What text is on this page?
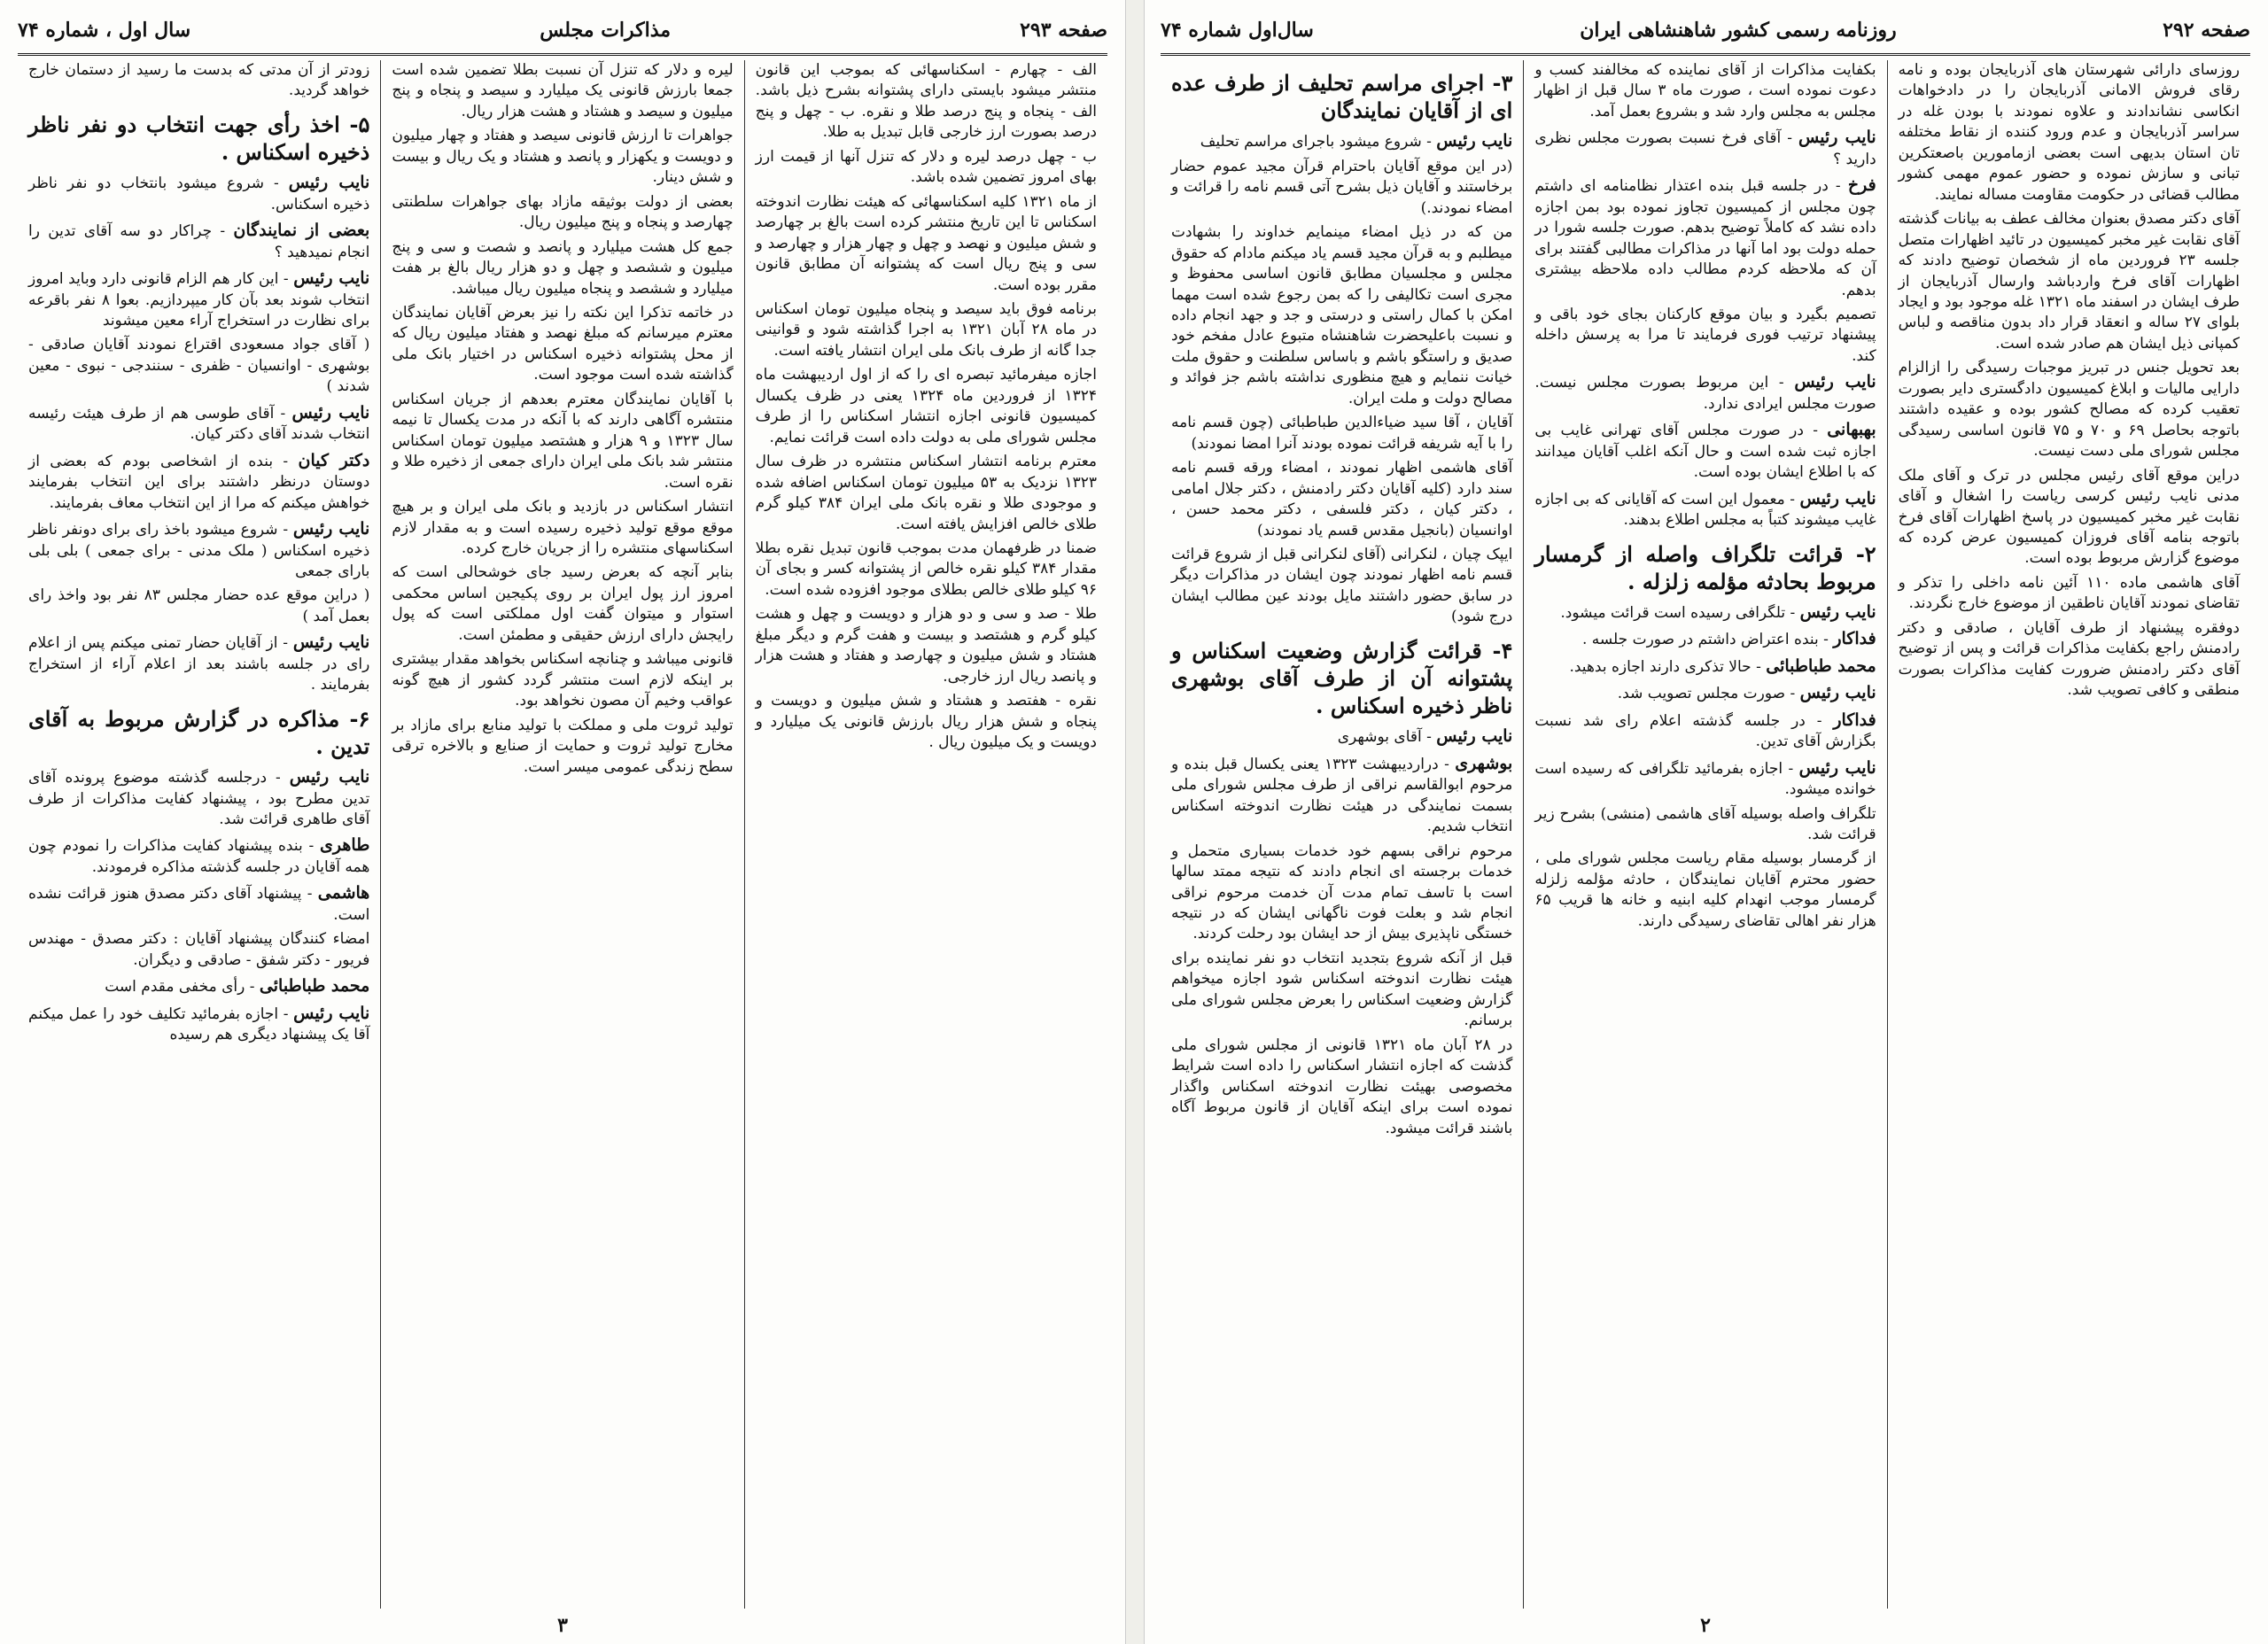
صفحه ۲۹۳
مذاکرات مجلس
سال اول ، شماره ۷۴

الف - چهارم - اسکناسهائی که بموجب این قانون منتشر میشود بایستی دارای پشتوانه بشرح ذیل باشد. الف - پنجاه و پنج درصد طلا و نقره. ب - چهل و پنج درصد بصورت ارز خارجی قابل تبدیل به طلا.

ب - چهل درصد لیره و دلار که تنزل آنها از قیمت ارز بهای امروز تضمین شده باشد.

از ماه ۱۳۲۱ کلیه اسکناسهائی که هیئت نظارت اندوخته اسکناس تا این تاریخ منتشر کرده است بالغ بر چهارصد و شش میلیون و نهصد و چهل و چهار هزار و چهارصد و سی و پنج ریال است که پشتوانه آن مطابق قانون مقرر بوده است.

برنامه فوق باید سیصد و پنجاه میلیون تومان اسکناس در ماه ۲۸ آبان ۱۳۲۱ به اجرا گذاشته شود و قوانینی جدا گانه از طرف بانک ملی ایران انتشار یافته است.

اجازه میفرمائید تبصره ای را که از اول اردیبهشت ماه ۱۳۲۴ از فروردین ماه ۱۳۲۴ یعنی در ظرف یکسال کمیسیون قانونی اجازه انتشار اسکناس را از طرف مجلس شورای ملی به دولت داده است قرائت نمایم.

معترم برنامه انتشار اسکناس منتشره در ظرف سال ۱۳۲۳ نزدیک به ۵۳ میلیون تومان اسکناس اضافه شده و موجودی طلا و نقره بانک ملی ایران ۳۸۴ کیلو گرم طلای خالص افزایش یافته است.

ضمنا در ظرفهمان مدت بموجب قانون تبدیل نقره بطلا مقدار ۳۸۴ کیلو نقره خالص از پشتوانه کسر و بجای آن ۹۶ کیلو طلای خالص بطلای موجود افزوده شده است.

طلا - صد و سی و دو هزار و دویست و چهل و هشت کیلو گرم و هشتصد و بیست و هفت گرم و دیگر مبلغ هشتاد و شش میلیون و چهارصد و هفتاد و هشت هزار و پانصد ریال ارز خارجی.

نقره - هفتصد و هشتاد و شش میلیون و دویست و پنجاه و شش هزار ریال بارزش قانونی یک میلیارد و دویست و یک میلیون ریال .

لیره و دلار که تنزل آن نسبت بطلا تضمین شده است جمعا بارزش قانونی یک میلیارد و سیصد و پنجاه و پنج میلیون و سیصد و هشتاد و هشت هزار ریال.

جواهرات تا ارزش قانونی سیصد و هفتاد و چهار میلیون و دویست و یکهزار و پانصد و هشتاد و یک ریال و بیست و شش دینار.

بعضی از دولت بوثیقه مازاد بهای جواهرات سلطنتی چهارصد و پنجاه و پنج میلیون ریال.

جمع کل هشت میلیارد و پانصد و شصت و سی و پنج میلیون و ششصد و چهل و دو هزار ریال بالغ بر هفت میلیارد و ششصد و پنجاه میلیون ریال میباشد.

در خاتمه تذکرا این نکته را نیز بعرض آقایان نمایندگان معترم میرسانم که مبلغ نهصد و هفتاد میلیون ریال که از محل پشتوانه ذخیره اسکناس در اختیار بانک ملی گذاشته شده است موجود است.

با آقایان نمایندگان معترم بعدهم از جریان اسکناس منتشره آگاهی دارند که با آنکه در مدت یکسال تا نیمه سال ۱۳۲۳ و ۹ هزار و هشتصد میلیون تومان اسکناس منتشر شد بانک ملی ایران دارای جمعی از ذخیره طلا و نقره است.

انتشار اسکناس در بازدید و بانک ملی ایران و بر هیچ موقع موقع تولید ذخیره رسیده است و به مقدار لازم اسکناسهای منتشره را از جریان خارج کرده.

بنابر آنچه که بعرض رسید جای خوشحالی است که امروز ارز پول ایران بر روی پکیجین اساس محکمی استوار و میتوان گفت اول مملکتی است که پول رایجش دارای ارزش حقیقی و مطمئن است.

قانونی میباشد و چنانچه اسکناس بخواهد مقدار بیشتری بر اینکه لازم است منتشر گردد کشور از هیچ گونه عواقب وخیم آن مصون نخواهد بود.

تولید ثروت ملی و مملکت با تولید منابع برای مازاد بر مخارج تولید ثروت و حمایت از صنایع و بالاخره ترقی سطح زندگی عمومی میسر است.

زودتر از آن مدتی که بدست ما رسید از دستمان خارج خواهد گردید.

۵- اخذ رأی جهت انتخاب دو نفر ناظر ذخیره اسکناس .

نایب رئیس - شروع میشود بانتخاب دو نفر ناظر ذخیره اسکناس.

بعضی از نمایندگان - چراکار دو سه آقای تدین را انجام نمیدهید ؟

نایب رئیس - این کار هم الزام قانونی دارد وباید امروز انتخاب شوند بعد بآن کار میپردازیم. بعوا ۸ نفر باقرعه برای نظارت در استخراج آراء معین میشوند

( آقای جواد مسعودی اقتراع نمودند آقایان صادقی - بوشهری - اوانسیان - ظفری - سنندجی - نبوی - معین شدند )

نایب رئیس - آقای طوسی هم از طرف هیئت رئیسه انتخاب شدند آقای دکتر کیان.

دکتر کیان - بنده از اشخاصی بودم که بعضی از دوستان درنظر داشتند برای این انتخاب بفرمایند خواهش میکنم که مرا از این انتخاب معاف بفرمایند.

نایب رئیس - شروع میشود باخذ رای برای دونفر ناظر ذخیره اسکناس ( ملک مدنی - برای جمعی ) بلی بلی بارای جمعی

( دراین موقع عده حضار مجلس ۸۳ نفر بود واخذ رای بعمل آمد )

نایب رئیس - از آقایان حضار تمنی میکنم پس از اعلام رای در جلسه باشند بعد از اعلام آراء از استخراج بفرمایند .

۶- مذاکره در گزارش مربوط به آقای تدین .

نایب رئیس - درجلسه گذشته موضوع پرونده آقای تدین مطرح بود ، پیشنهاد کفایت مذاکرات از طرف آقای طاهری قرائت شد.

طاهری - بنده پیشنهاد کفایت مذاکرات را نمودم چون همه آقایان در جلسه گذشته مذاکره فرمودند.

هاشمی - پیشنهاد آقای دکتر مصدق هنوز قرائت نشده است.

امضاء کنندگان پیشنهاد آقایان : دکتر مصدق - مهندس فریور - دکتر شفق - صادقی و دیگران.

محمد طباطبائی - رأی مخفی مقدم است

نایب رئیس - اجازه بفرمائید تکلیف خود را عمل میکنم آقا یک پیشنهاد دیگری هم رسیده

۳
صفحه ۲۹۲
روزنامه رسمی کشور شاهنشاهی ایران
سال‌اول شماره ۷۴

روزسای دارائی شهرستان های آذربایجان بوده و نامه رقای فروش الامانی آذربایجان را در دادخواهات انکاسی نشاندادند و علاوه نمودند با بودن غله در سراسر آذربایجان و عدم ورود کننده از نقاط مختلفه تان استان بدیهی است بعضی ازمامورین باصعتکرین تبانی و سازش نموده و حضور عموم مهمی کشور مطالب قضائی در حکومت مقاومت مساله نمایند.

آقای دکتر مصدق بعنوان مخالف عطف به بیانات گذشته آقای نقابت غیر مخبر کمیسیون در تائید اظهارات متصل جلسه ۲۳ فروردین ماه از شخصان توضیح دادند که اظهارات آقای فرخ واردباشد وارسال آذربایجان از طرف ایشان در اسفند ماه ۱۳۲۱ غله موجود بود و ایجاد بلوای ۲۷ ساله و انعقاد قرار داد بدون مناقصه و لباس کمپانی ذیل ایشان هم صادر شده است.

بعد تحویل جنس در تبریز موجبات رسیدگی را ازالزام دارایی مالیات و ابلاغ کمیسیون دادگستری دایر بصورت تعقیب کرده که مصالح کشور بوده و عقیده داشتند باتوجه بحاصل ۶۹ و ۷۰ و ۷۵ قانون اساسی رسیدگی مجلس شورای ملی دست نیست.

دراین موقع آقای رئیس مجلس در ترک و آقای ملک مدنی نایب رئیس کرسی ریاست را اشغال و آقای نقابت غیر مخبر کمیسیون در پاسخ اظهارات آقای فرخ باتوجه بنامه آقای فروزان کمیسیون عرض کرده که موضوع گزارش مربوط بوده است.

آقای هاشمی ماده ۱۱۰ آئین نامه داخلی را تذکر و تقاضای نمودند آقایان ناطقین از موضوع خارج نگردند.

دوفقره پیشنهاد از طرف آقایان ، صادقی و دکتر رادمنش راجع بکفایت مذاکرات قرائت و پس از توضیح آقای دکتر رادمنش ضرورت کفایت مذاکرات بصورت منطقی و کافی تصویب شد.

بکفایت مذاکرات از آقای نماینده که مخالفند کسب و دعوت نموده است ، صورت ماه ۳ سال قبل از اظهار مجلس به مجلس وارد شد و بشروع بعمل آمد.

نایب رئیس - آقای فرخ نسبت بصورت مجلس نظری دارید ؟

فرخ - در جلسه قبل بنده اعتذار نظامنامه ای داشتم چون مجلس از کمیسیون تجاوز نموده بود بمن اجازه داده نشد که کاملاً توضیح بدهم. صورت جلسه شورا در حمله دولت بود اما آنها در مذاکرات مطالبی گفتند برای آن که ملاحظه کردم مطالب داده ملاحظه بیشتری بدهم.

تصمیم بگیرد و بیان موقع کارکنان بجای خود باقی و پیشنهاد ترتیب فوری فرمایند تا مرا به پرسش داخله کند.

نایب رئیس - این مربوط بصورت مجلس نیست. صورت مجلس ایرادی ندارد.

بهبهانی - در صورت مجلس آقای تهرانی غایب بی اجازه ثبت شده است و حال آنکه اغلب آقایان میدانند که با اطلاع ایشان بوده است.

نایب رئیس - معمول این است که آقایانی که بی اجازه غایب میشوند کتباً به مجلس اطلاع بدهند.

۲- قرائت تلگراف واصله از گرمسار مربوط بحادثه مؤلمه زلزله .

نایب رئیس - تلگرافی رسیده است قرائت میشود.

فداکار - بنده اعتراض داشتم در صورت جلسه .

محمد طباطبائی - حالا تذکری دارند اجازه بدهید.

نایب رئیس - صورت مجلس تصویب شد.

فداکار - در جلسه گذشته اعلام رای شد نسبت بگزارش آقای تدین.

نایب رئیس - اجازه بفرمائید تلگرافی که رسیده است خوانده میشود.

تلگراف واصله بوسیله آقای هاشمی (منشی) بشرح زیر قرائت شد.

از گرمسار بوسیله مقام ریاست مجلس شورای ملی ، حضور محترم آقایان نمایندگان ، حادثه مؤلمه زلزله گرمسار موجب انهدام کلیه ابنیه و خانه ها قریب ۶۵ هزار نفر اهالی تقاضای رسیدگی دارند.

۳- اجرای مراسم تحلیف از طرف عده ای از آقایان نمایندگان

نایب رئیس - شروع میشود باجرای مراسم تحلیف

(در این موقع آقایان باحترام قرآن مجید عموم حضار برخاستند و آقایان ذیل بشرح آتی قسم نامه را قرائت و امضاء نمودند.)

من که در ذیل امضاء مینمایم خداوند را بشهادت میطلبم و به قرآن مجید قسم یاد میکنم مادام که حقوق مجلس و مجلسیان مطابق قانون اساسی محفوظ و مجری است تکالیفی را که بمن رجوع شده است مهما امکن با کمال راستی و درستی و جد و جهد انجام داده و نسبت باعلیحضرت شاهنشاه متبوع عادل مفخم خود صدیق و راستگو باشم و باساس سلطنت و حقوق ملت خیانت ننمایم و هیچ منظوری نداشته باشم جز فوائد و مصالح دولت و ملت ایران.

آقایان ، آقا سید ضیاءالدین طباطبائی (چون قسم نامه را با آیه شریفه قرائت نموده بودند آنرا امضا نمودند)

آقای هاشمی اظهار نمودند ، امضاء ورقه قسم نامه سند دارد (کلیه آقایان دکتر رادمنش ، دکتر جلال امامی ، دکتر کیان ، دکتر فلسفی ، دکتر محمد حسن ، اوانسیان (بانجیل مقدس قسم یاد نمودند)

ایپک چیان ، لنکرانی (آقای لنکرانی قبل از شروع قرائت قسم نامه اظهار نمودند چون ایشان در مذاکرات دیگر در سابق حضور داشتند مایل بودند عین مطالب ایشان درج شود)

۴- قرائت گزارش وضعیت اسکناس و پشتوانه آن از طرف آقای بوشهری ناظر ذخیره اسکناس .

نایب رئیس - آقای بوشهری

بوشهری - دراردیبهشت ۱۳۲۳ یعنی یکسال قبل بنده و مرحوم ابوالقاسم نراقی از طرف مجلس شورای ملی بسمت نمایندگی در هیئت نظارت اندوخته اسکناس انتخاب شدیم.

مرحوم نراقی بسهم خود خدمات بسیاری متحمل و خدمات برجسته ای انجام دادند که نتیجه ممتد سالها است با تاسف تمام مدت آن خدمت مرحوم نراقی انجام شد و بعلت فوت ناگهانی ایشان که در نتیجه خستگی ناپذیری بیش از حد ایشان بود رحلت کردند.

قبل از آنکه شروع بتجدید انتخاب دو نفر نماینده برای هیئت نظارت اندوخته اسکناس شود اجازه میخواهم گزارش وضعیت اسکناس را بعرض مجلس شورای ملی برسانم.

در ۲۸ آبان ماه ۱۳۲۱ قانونی از مجلس شورای ملی گذشت که اجازه انتشار اسکناس را داده است شرایط مخصوصی بهیئت نظارت اندوخته اسکناس واگذار نموده است برای اینکه آقایان از قانون مربوط آگاه باشند قرائت میشود.

۲
